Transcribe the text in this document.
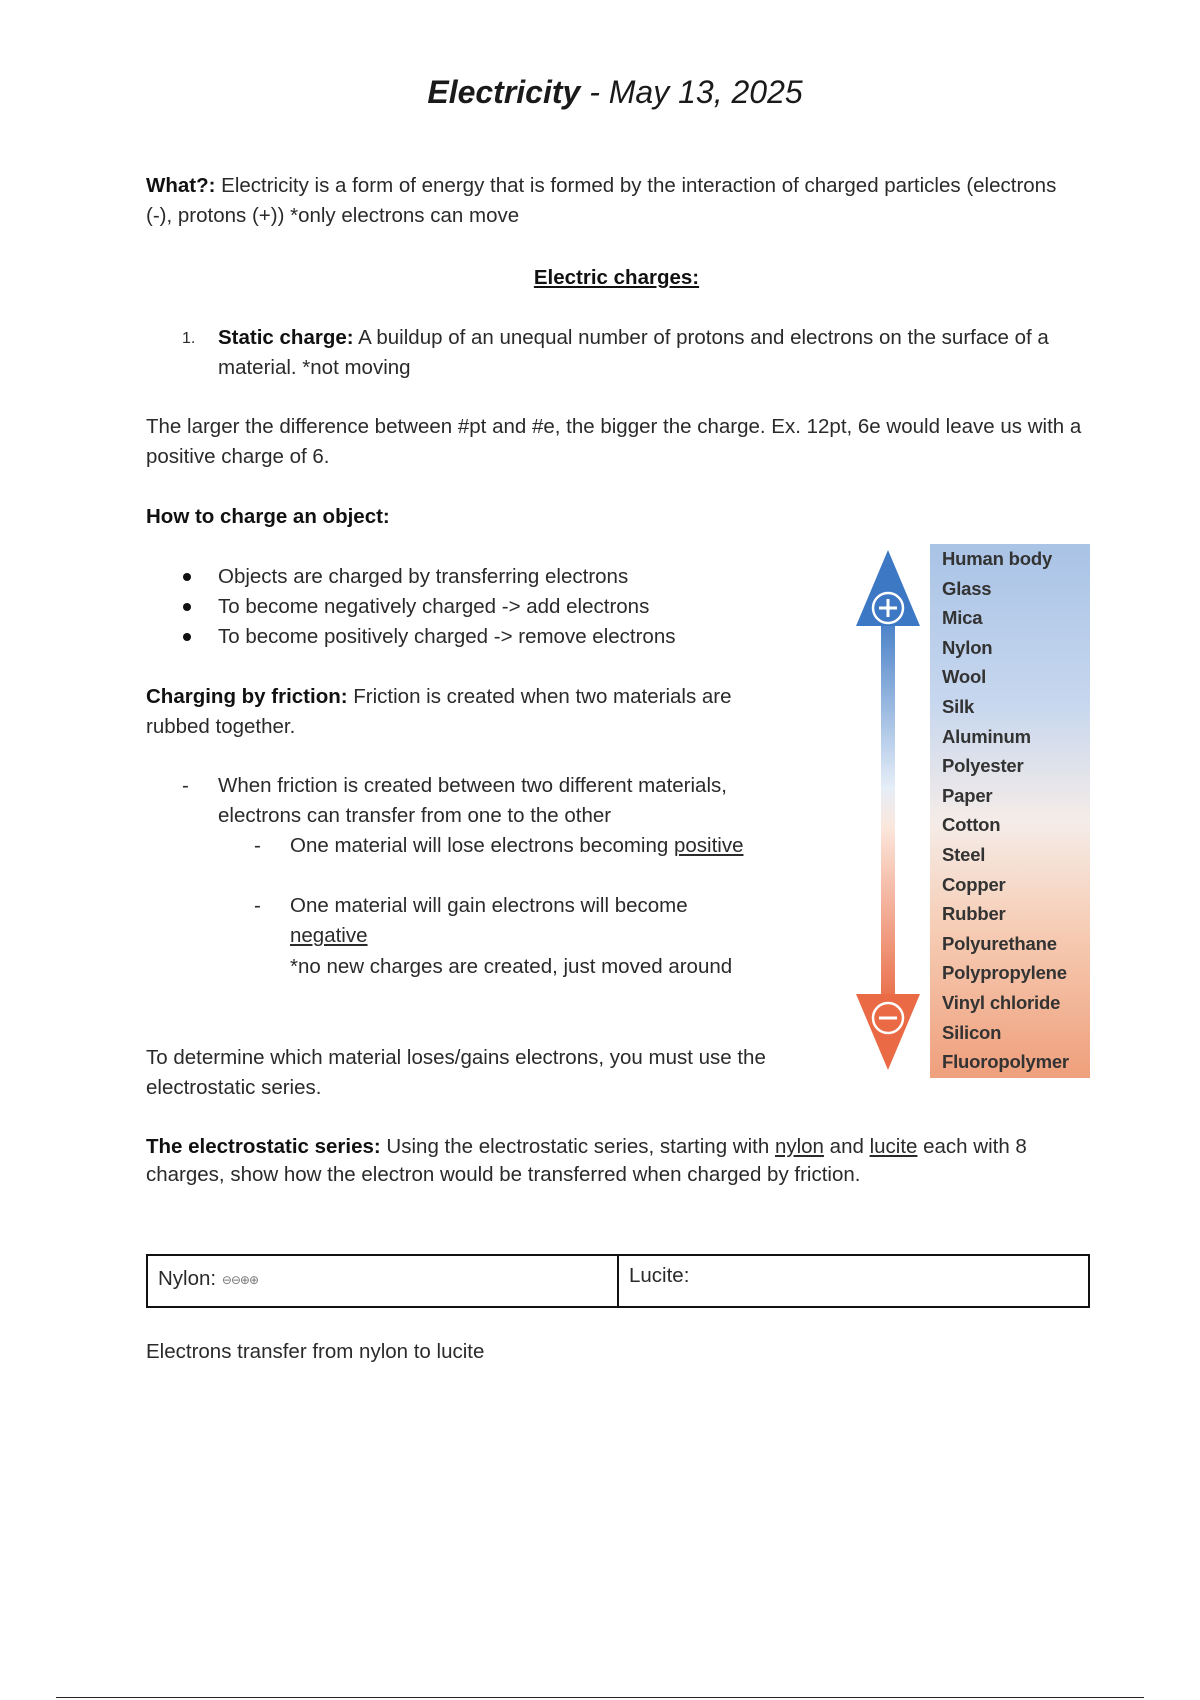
Electricity - May 13, 2025

What?: Electricity is a form of energy that is formed by the interaction of charged particles (electrons (-), protons (+)) *only electrons can move

Electric charges:

1. Static charge: A buildup of an unequal number of protons and electrons on the surface of a material. *not moving

The larger the difference between #pt and #e, the bigger the charge. Ex. 12pt, 6e would leave us with a positive charge of 6.

How to charge an object:

Objects are charged by transferring electrons

To become negatively charged -> add electrons

To become positively charged -> remove electrons

Charging by friction: Friction is created when two materials are rubbed together.

- When friction is created between two different materials, electrons can transfer from one to the other

- One material will lose electrons becoming positive

- One material will gain electrons will become negative

*no new charges are created, just moved around

To determine which material loses/gains electrons, you must use the electrostatic series.

The electrostatic series: Using the electrostatic series, starting with nylon and lucite each with 8 charges, show how the electron would be transferred when charged by friction.

Nylon: ⊖⊖⊕⊕	Lucite:

Electrons transfer from nylon to lucite

Human body
Glass
Mica
Nylon
Wool
Silk
Aluminum
Polyester
Paper
Cotton
Steel
Copper
Rubber
Polyurethane
Polypropylene
Vinyl chloride
Silicon
Fluoropolymer
